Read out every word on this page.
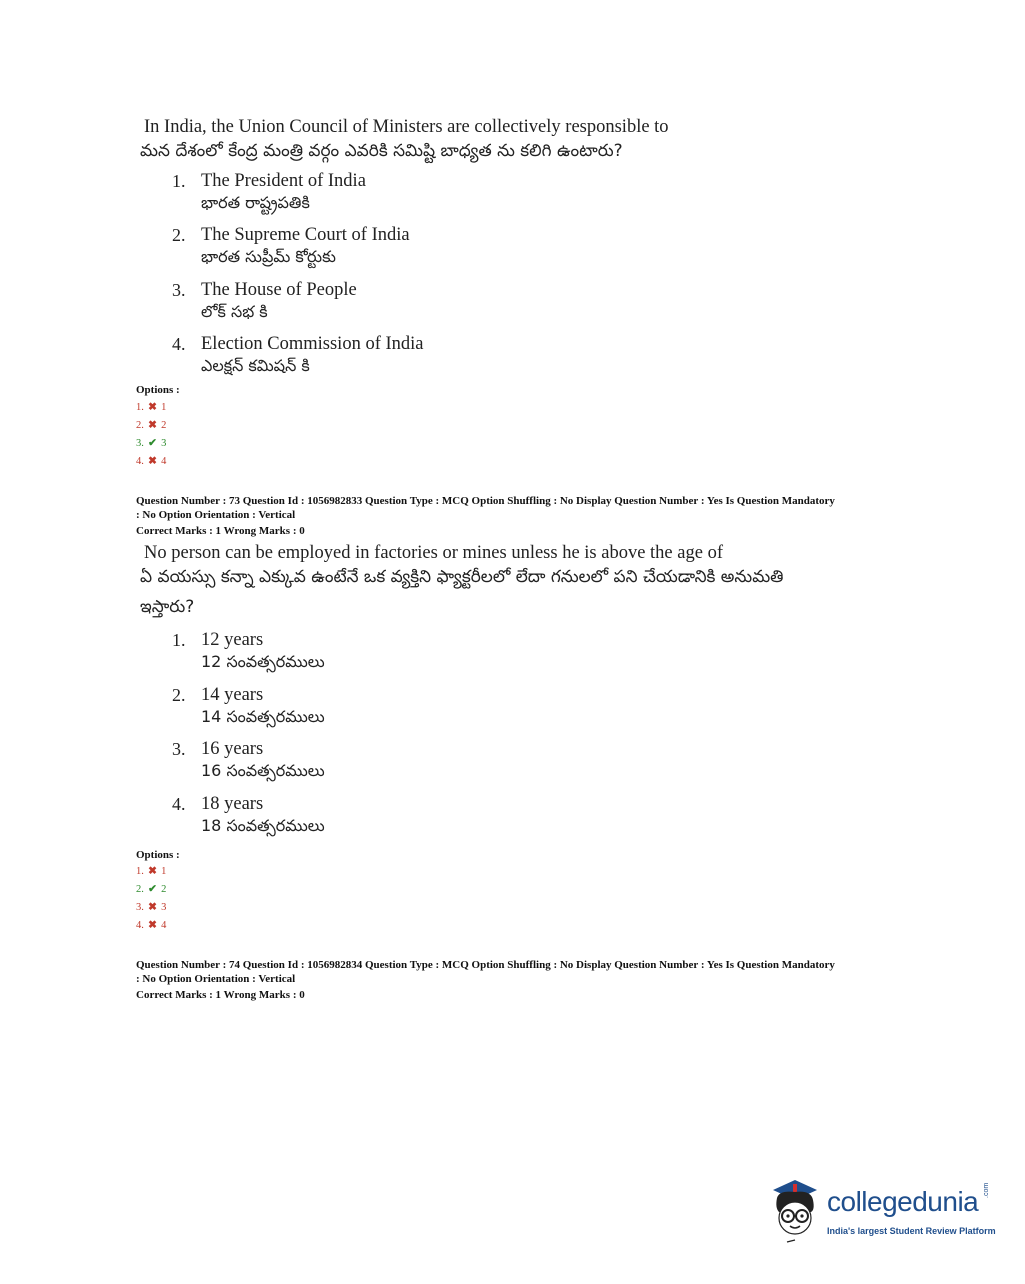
In India, the Union Council of Ministers are collectively responsible to
మన దేశంలో కేంద్ర మంత్రి వర్గం ఎవరికి సమిష్టి బాధ్యత ను కలిగి ఉంటారు?
1. The President of India
భారత రాష్ట్రపతికి
2. The Supreme Court of India
భారత సుప్రీమ్ కోర్టుకు
3. The House of People
లోక్ సభ కి
4. Election Commission of India
ఎలక్షన్ కమిషన్ కి
Options :
1. ✖ 1
2. ✖ 2
3. ✔ 3
4. ✖ 4
Question Number : 73 Question Id : 1056982833 Question Type : MCQ Option Shuffling : No Display Question Number : Yes Is Question Mandatory
: No Option Orientation : Vertical
Correct Marks : 1 Wrong Marks : 0
No person can be employed in factories or mines unless he is above the age of
ఏ వయస్సు కన్నా ఎక్కువ ఉంటేనే ఒక వ్యక్తిని ఫ్యాక్టరీలలో లేదా గనులలో పని చేయడానికి అనుమతి
ఇస్తారు?
1. 12 years
12 సంవత్సరములు
2. 14 years
14 సంవత్సరములు
3. 16 years
16 సంవత్సరములు
4. 18 years
18 సంవత్సరములు
Options :
1. ✖ 1
2. ✔ 2
3. ✖ 3
4. ✖ 4
Question Number : 74 Question Id : 1056982834 Question Type : MCQ Option Shuffling : No Display Question Number : Yes Is Question Mandatory
: No Option Orientation : Vertical
Correct Marks : 1 Wrong Marks : 0
collegedunia .com
India's largest Student Review Platform
